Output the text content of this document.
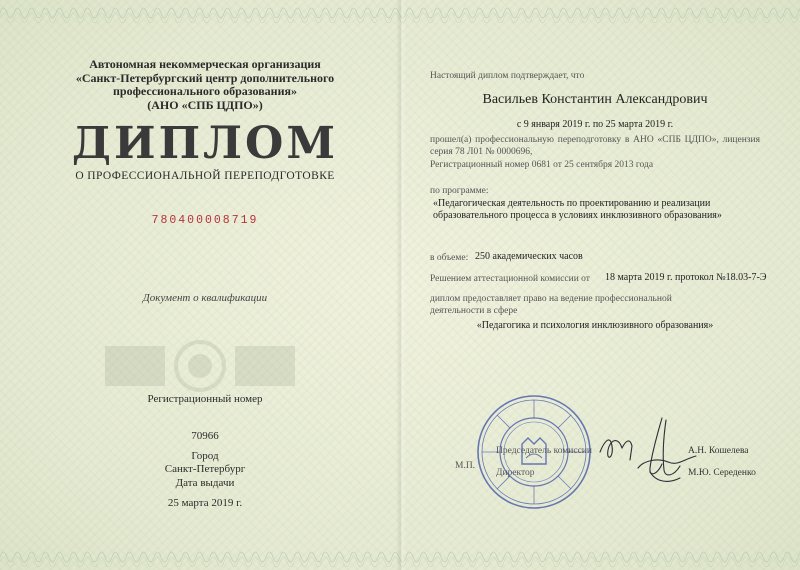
Автономная некоммерческая организация
«Санкт-Петербургский центр дополнительного
профессионального образования»
(АНО «СПБ ЦДПО»)
ДИПЛОМ
О ПРОФЕССИОНАЛЬНОЙ ПЕРЕПОДГОТОВКЕ
780400008719
Документ о квалификации
Регистрационный номер
70966
Город
Санкт-Петербург
Дата выдачи
25 марта 2019 г.
Настоящий диплом подтверждает, что
Васильев Константин Александрович
с 9 января 2019 г. по 25 марта 2019 г.
прошел(а) профессиональную переподготовку в АНО «СПБ ЦДПО», лицензия серия 78 Л01 № 0000696,
Регистрационный номер 0681 от 25 сентября 2013 года
по программе:
«Педагогическая деятельность по проектированию и реализации образовательного процесса в условиях инклюзивного образования»
в объеме: 250 академических часов
Решением аттестационной комиссии от 18 марта 2019 г. протокол №18.03-7-Э
диплом предоставляет право на ведение профессиональной деятельности в сфере
«Педагогика и психология инклюзивного образования»
М.П.
Председатель комиссии
Директор
А.Н. Кошелева
М.Ю. Середенко
